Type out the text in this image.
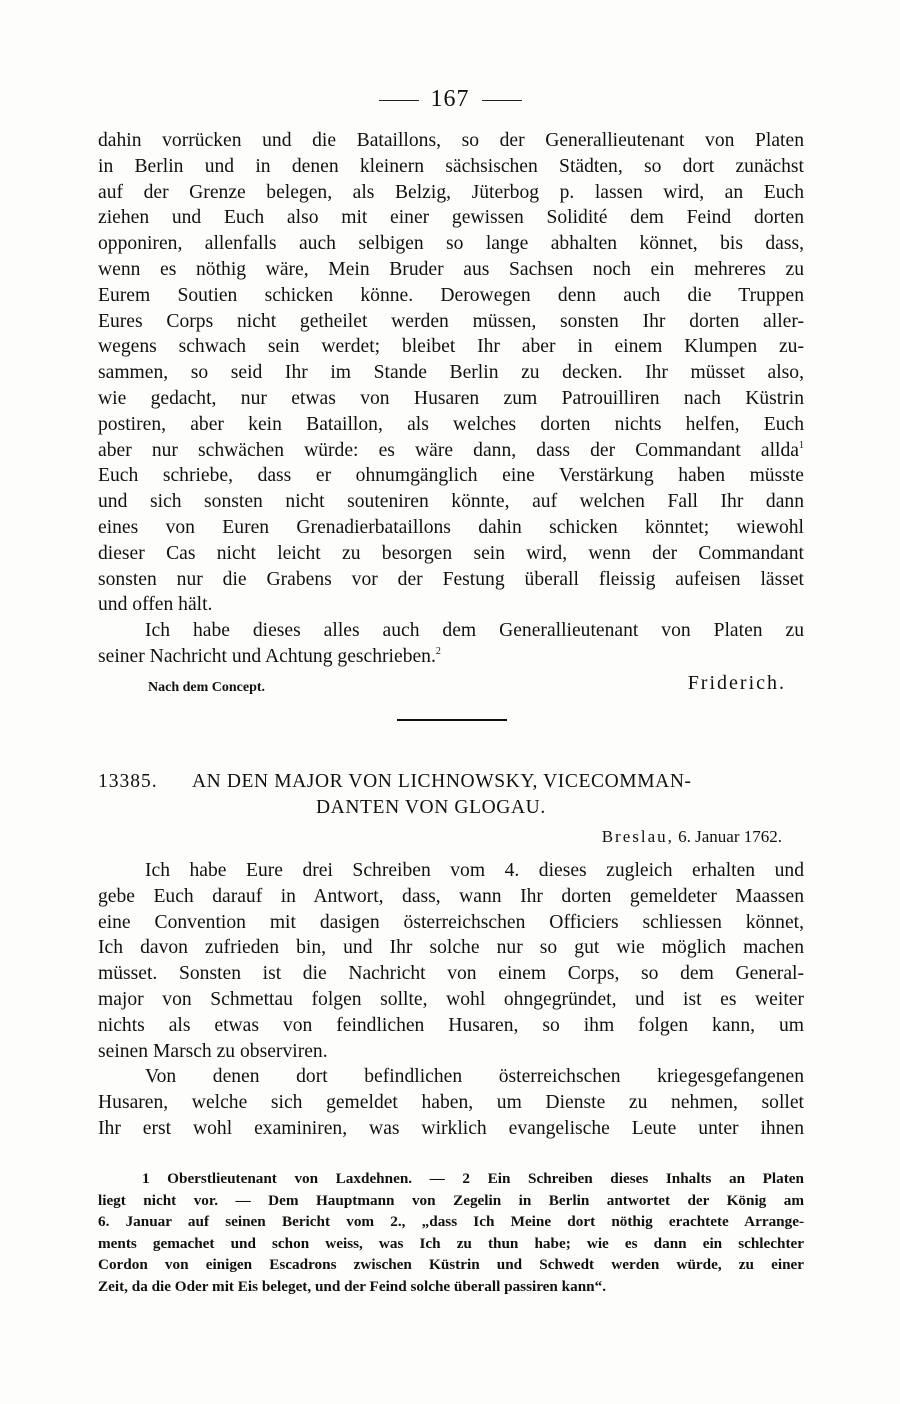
167
dahin vorrücken und die Bataillons, so der Generallieutenant von Platen
in Berlin und in denen kleinern sächsischen Städten, so dort zunächst
auf der Grenze belegen, als Belzig, Jüterbog p. lassen wird, an Euch
ziehen und Euch also mit einer gewissen Solidité dem Feind dorten
opponiren, allenfalls auch selbigen so lange abhalten könnet, bis dass,
wenn es nöthig wäre, Mein Bruder aus Sachsen noch ein mehreres zu
Eurem Soutien schicken könne. Derowegen denn auch die Truppen
Eures Corps nicht getheilet werden müssen, sonsten Ihr dorten aller-
wegens schwach sein werdet; bleibet Ihr aber in einem Klumpen zu-
sammen, so seid Ihr im Stande Berlin zu decken. Ihr müsset also,
wie gedacht, nur etwas von Husaren zum Patrouilliren nach Küstrin
postiren, aber kein Bataillon, als welches dorten nichts helfen, Euch
aber nur schwächen würde: es wäre dann, dass der Commandant allda$^1$
Euch schriebe, dass er ohnumgänglich eine Verstärkung haben müsste
und sich sonsten nicht souteniren könnte, auf welchen Fall Ihr dann
eines von Euren Grenadierbataillons dahin schicken könntet; wiewohl
dieser Cas nicht leicht zu besorgen sein wird, wenn der Commandant
sonsten nur die Grabens vor der Festung überall fleissig aufeisen lässet
und offen hält.
Ich habe dieses alles auch dem Generallieutenant von Platen zu
seiner Nachricht und Achtung geschrieben.$^2$
Nach dem Concept.	Friderich.
13385. AN DEN MAJOR VON LICHNOWSKY, VICECOMMAN-
DANTEN VON GLOGAU.
Breslau, 6. Januar 1762.
Ich habe Eure drei Schreiben vom 4. dieses zugleich erhalten und
gebe Euch darauf in Antwort, dass, wann Ihr dorten gemeldeter Maassen
eine Convention mit dasigen österreichschen Officiers schliessen könnet,
Ich davon zufrieden bin, und Ihr solche nur so gut wie möglich machen
müsset. Sonsten ist die Nachricht von einem Corps, so dem General-
major von Schmettau folgen sollte, wohl ohngegründet, und ist es weiter
nichts als etwas von feindlichen Husaren, so ihm folgen kann, um
seinen Marsch zu observiren.
Von denen dort befindlichen österreichschen kriegesgefangenen
Husaren, welche sich gemeldet haben, um Dienste zu nehmen, sollet
Ihr erst wohl examiniren, was wirklich evangelische Leute unter ihnen
1 Oberstlieutenant von Laxdehnen. — 2 Ein Schreiben dieses Inhalts an Platen
liegt nicht vor. — Dem Hauptmann von Zegelin in Berlin antwortet der König am
6. Januar auf seinen Bericht vom 2., „dass Ich Meine dort nöthig erachtete Arrange-
ments gemachet und schon weiss, was Ich zu thun habe; wie es dann ein schlechter
Cordon von einigen Escadrons zwischen Küstrin und Schwedt werden würde, zu einer
Zeit, da die Oder mit Eis beleget, und der Feind solche überall passiren kann“.
